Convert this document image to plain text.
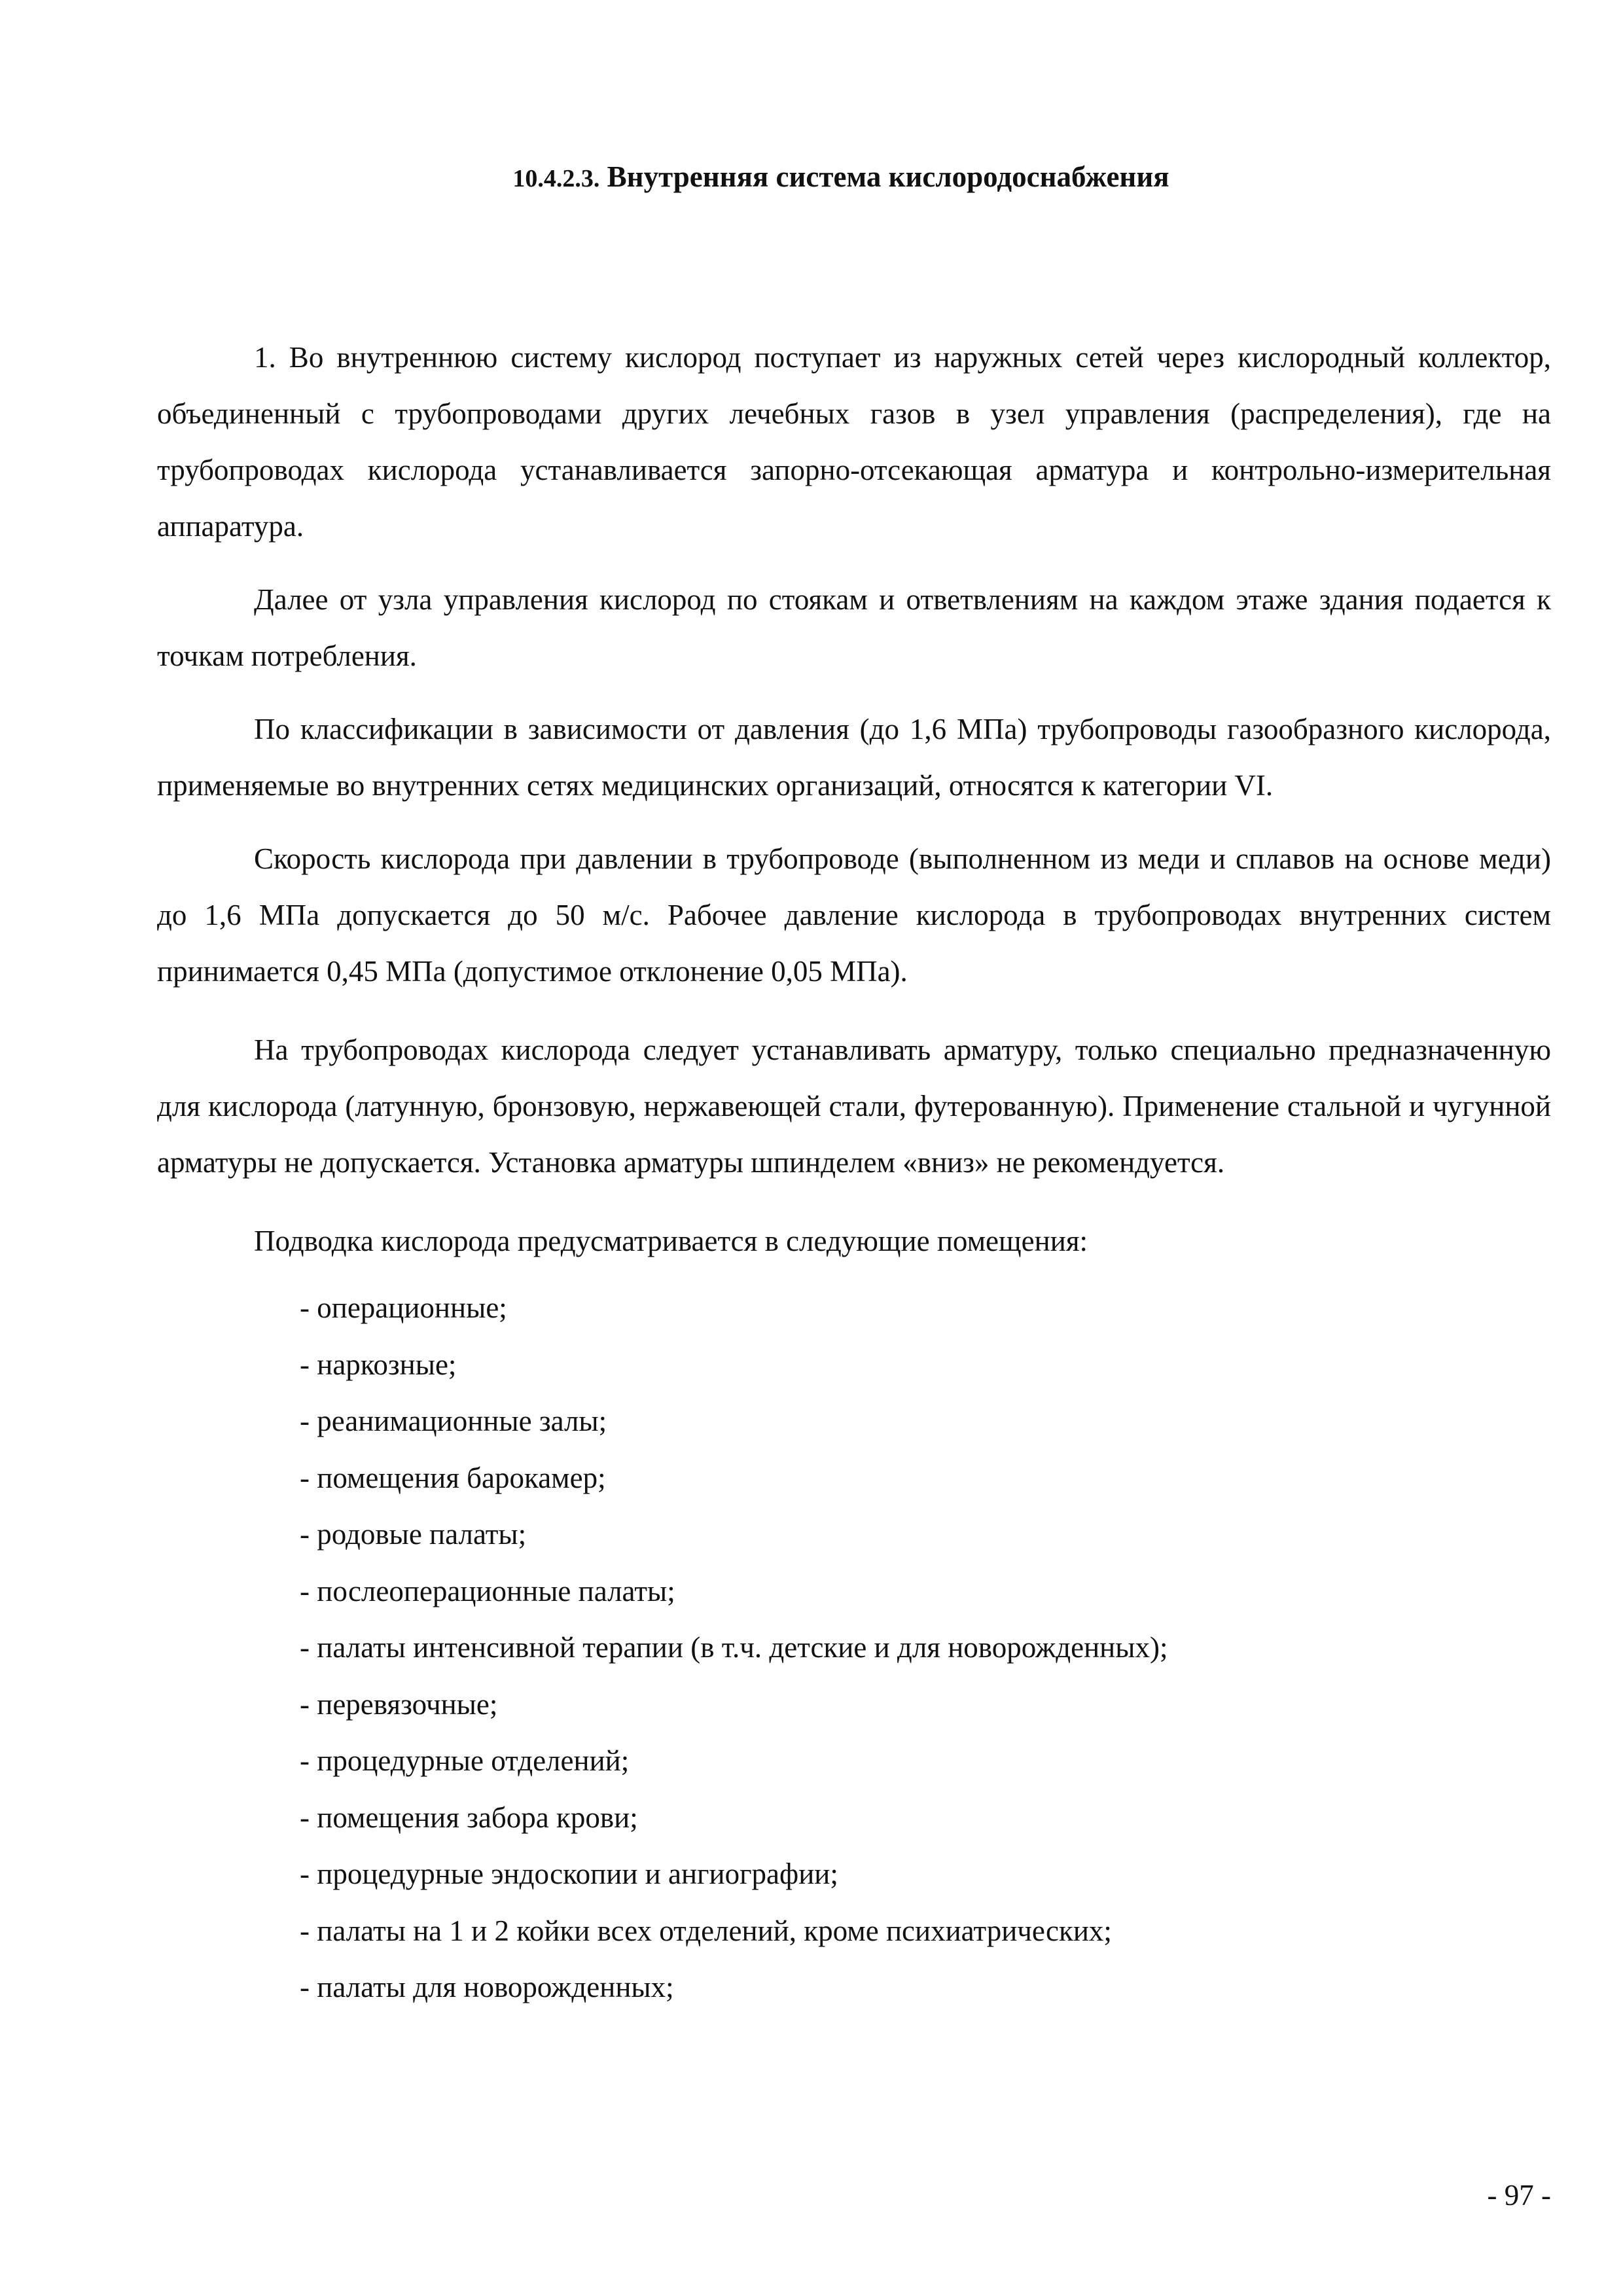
10.4.2.3. Внутренняя система кислородоснабжения

1. Во внутреннюю систему кислород поступает из наружных сетей через кислородный коллектор, объединенный с трубопроводами других лечебных газов в узел управления (распределения), где на трубопроводах кислорода устанавливается запорно-отсекающая арматура и контрольно-измерительная аппаратура.

Далее от узла управления кислород по стоякам и ответвлениям на каждом этаже здания подается к точкам потребления.

По классификации в зависимости от давления (до 1,6 МПа) трубопроводы газообразного кислорода, применяемые во внутренних сетях медицинских организаций, относятся к категории VI.

Скорость кислорода при давлении в трубопроводе (выполненном из меди и сплавов на основе меди) до 1,6 МПа допускается до 50 м/с. Рабочее давление кислорода в трубопроводах внутренних систем принимается 0,45 МПа (допустимое отклонение 0,05 МПа).

На трубопроводах кислорода следует устанавливать арматуру, только специально предназначенную для кислорода (латунную, бронзовую, нержавеющей стали, футерованную). Применение стальной и чугунной арматуры не допускается. Установка арматуры шпинделем «вниз» не рекомендуется.

Подводка кислорода предусматривается в следующие помещения:

- операционные;
- наркозные;
- реанимационные залы;
- помещения барокамер;
- родовые палаты;
- послеоперационные палаты;
- палаты интенсивной терапии (в т.ч. детские и для новорожденных);
- перевязочные;
- процедурные отделений;
- помещения забора крови;
- процедурные эндоскопии и ангиографии;
- палаты на 1 и 2 койки всех отделений, кроме психиатрических;
- палаты для новорожденных;
- 97 -
